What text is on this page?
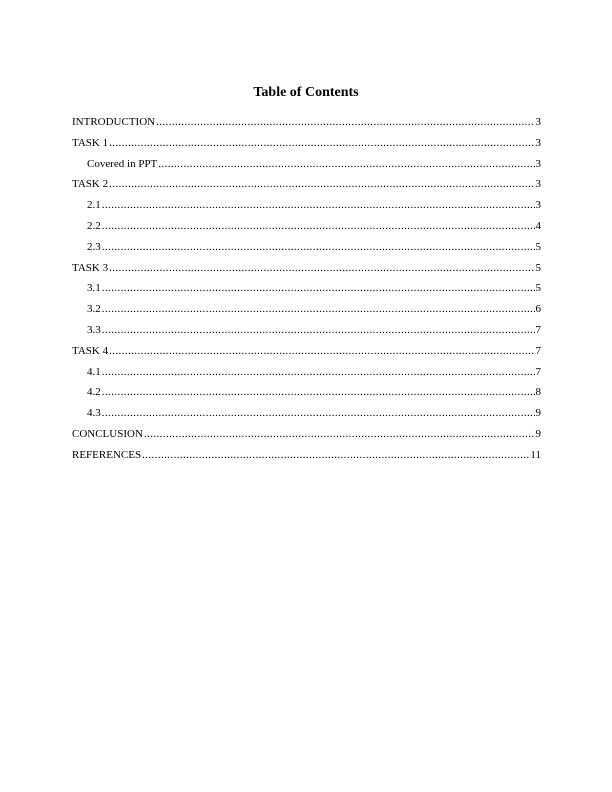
Table of Contents
INTRODUCTION .....	3
TASK 1 .....	3
Covered in PPT .....	3
TASK 2 .....	3
2.1 .....	3
2.2 .....	4
2.3 .....	5
TASK 3 .....	5
3.1 .....	5
3.2 .....	6
3.3 .....	7
TASK 4 .....	7
4.1 .....	7
4.2 .....	8
4.3 .....	9
CONCLUSION .....	9
REFERENCES .....	11
